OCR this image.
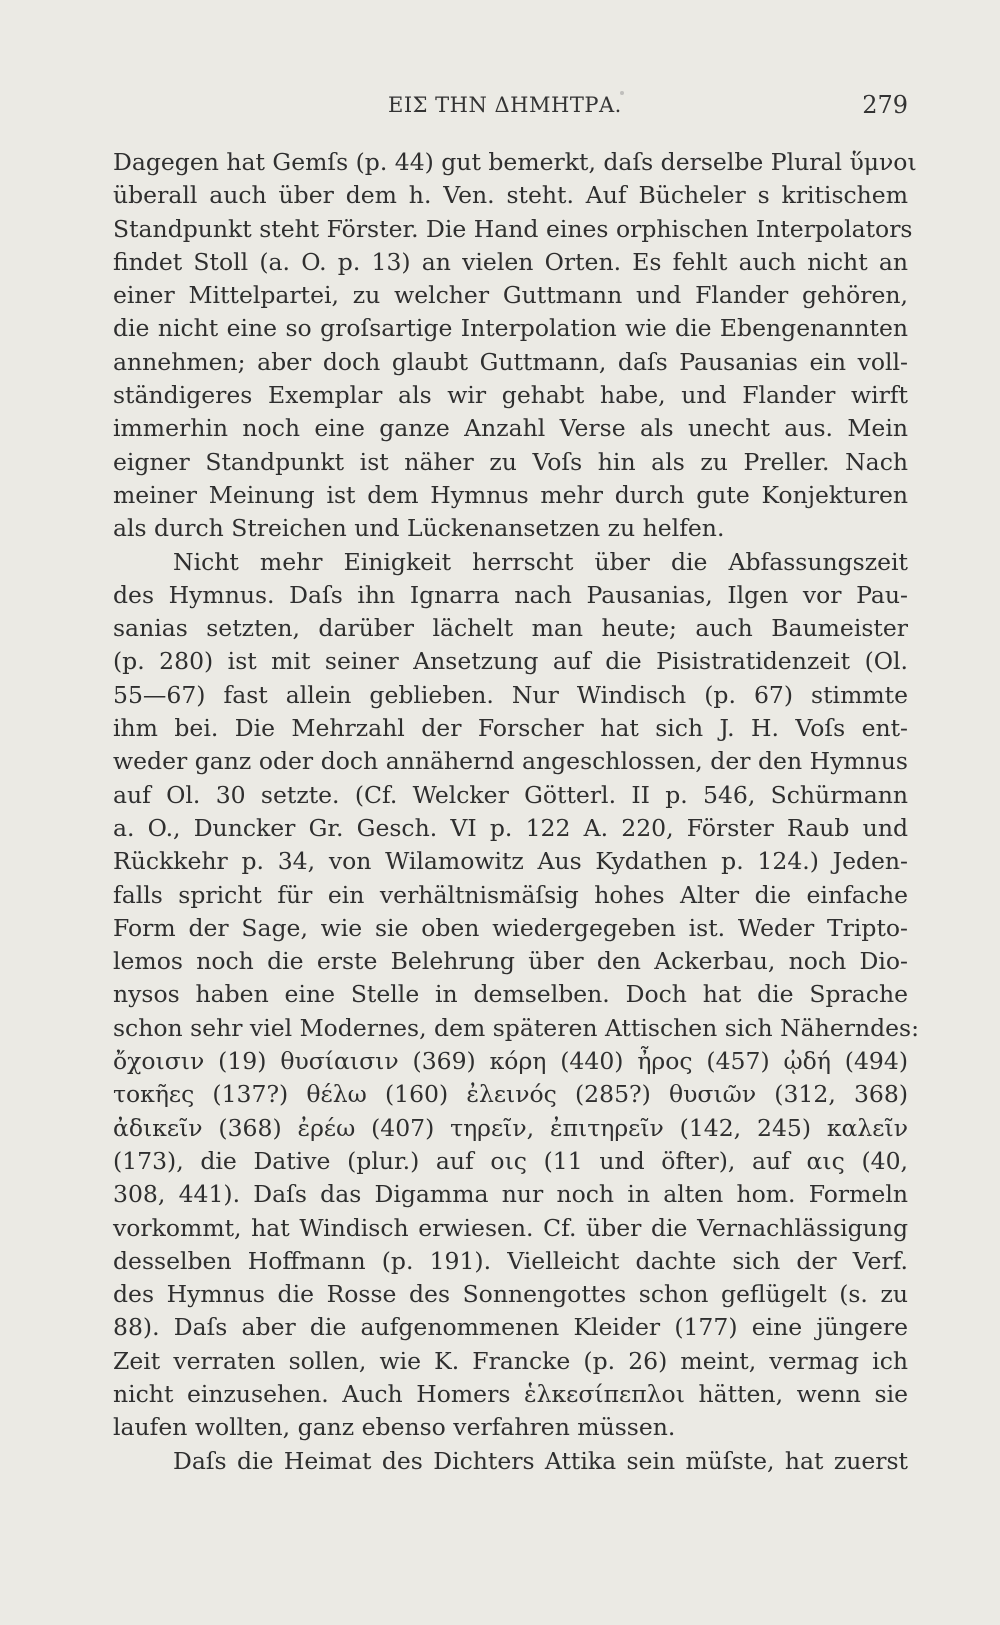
ΕΙΣ ΤΗΝ ΔΗΜΗΤΡΑ.	279
Dagegen hat Gemſs (p. 44) gut bemerkt, daſs derselbe Plural ὕμνοι
überall auch über dem h. Ven. steht. Auf Bücheler s kritischem
Standpunkt steht Förster. Die Hand eines orphischen Interpolators
findet Stoll (a. O. p. 13) an vielen Orten. Es fehlt auch nicht an
einer Mittelpartei, zu welcher Guttmann und Flander gehören,
die nicht eine so groſsartige Interpolation wie die Ebengenannten
annehmen; aber doch glaubt Guttmann, daſs Pausanias ein voll-
ständigeres Exemplar als wir gehabt habe, und Flander wirft
immerhin noch eine ganze Anzahl Verse als unecht aus. Mein
eigner Standpunkt ist näher zu Voſs hin als zu Preller. Nach
meiner Meinung ist dem Hymnus mehr durch gute Konjekturen
als durch Streichen und Lückenansetzen zu helfen.
Nicht mehr Einigkeit herrscht über die Abfassungszeit
des Hymnus. Daſs ihn Ignarra nach Pausanias, Ilgen vor Pau-
sanias setzten, darüber lächelt man heute; auch Baumeister
(p. 280) ist mit seiner Ansetzung auf die Pisistratidenzeit (Ol.
55—67) fast allein geblieben. Nur Windisch (p. 67) stimmte
ihm bei. Die Mehrzahl der Forscher hat sich J. H. Voſs ent-
weder ganz oder doch annähernd angeschlossen, der den Hymnus
auf Ol. 30 setzte. (Cf. Welcker Götterl. II p. 546, Schürmann
a. O., Duncker Gr. Gesch. VI p. 122 A. 220, Förster Raub und
Rückkehr p. 34, von Wilamowitz Aus Kydathen p. 124.) Jeden-
falls spricht für ein verhältnismäſsig hohes Alter die einfache
Form der Sage, wie sie oben wiedergegeben ist. Weder Tripto-
lemos noch die erste Belehrung über den Ackerbau, noch Dio-
nysos haben eine Stelle in demselben. Doch hat die Sprache
schon sehr viel Modernes, dem späteren Attischen sich Näherndes:
ὄχοισιν (19) θυσίαισιν (369) κόρη (440) ἦρος (457) ᾠδή (494)
τοκῆες (137?) θέλω (160) ἐλεινός (285?) θυσιῶν (312, 368)
ἀδικεῖν (368) ἐρέω (407) τηρεῖν, ἐπιτηρεῖν (142, 245) καλεῖν
(173), die Dative (plur.) auf οις (11 und öfter), auf αις (40,
308, 441). Daſs das Digamma nur noch in alten hom. Formeln
vorkommt, hat Windisch erwiesen. Cf. über die Vernachlässigung
desselben Hoffmann (p. 191). Vielleicht dachte sich der Verf.
des Hymnus die Rosse des Sonnengottes schon geflügelt (s. zu
88). Daſs aber die aufgenommenen Kleider (177) eine jüngere
Zeit verraten sollen, wie K. Francke (p. 26) meint, vermag ich
nicht einzusehen. Auch Homers ἑλκεσίπεπλοι hätten, wenn sie
laufen wollten, ganz ebenso verfahren müssen.
Daſs die Heimat des Dichters Attika sein müſste, hat zuerst
